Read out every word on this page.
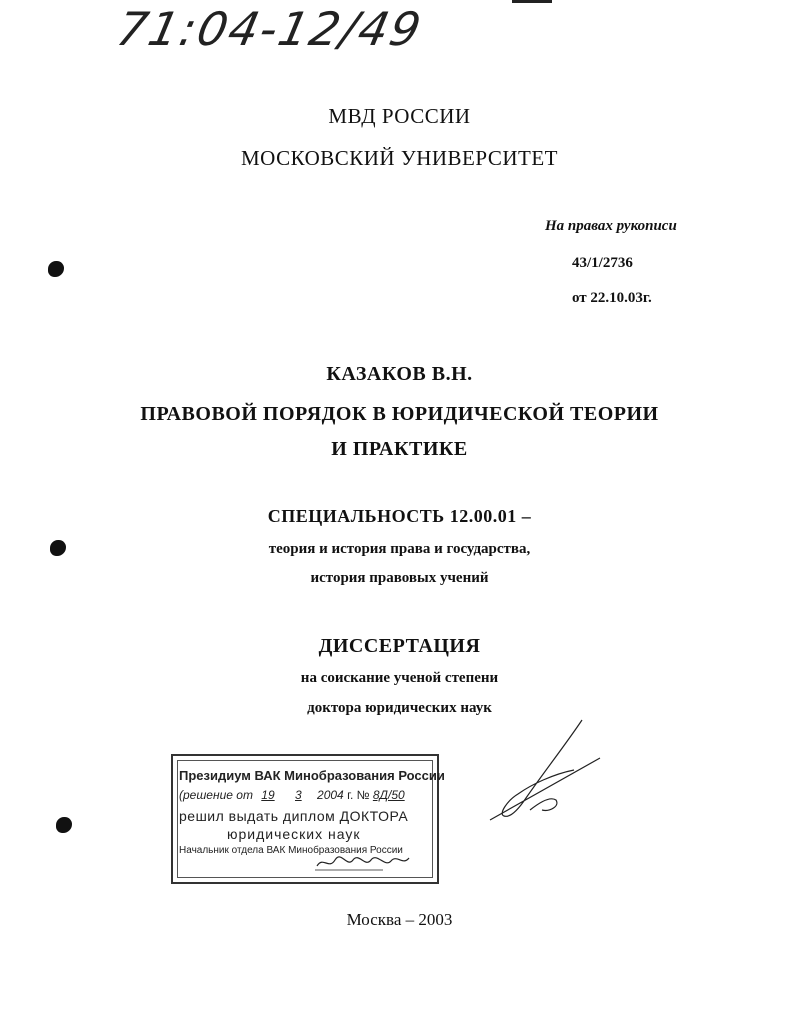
71:04-12/49
МВД РОССИИ
МОСКОВСКИЙ УНИВЕРСИТЕТ
На правах рукописи
43/1/2736
от 22.10.03г.
КАЗАКОВ В.Н.
ПРАВОВОЙ ПОРЯДОК В ЮРИДИЧЕСКОЙ ТЕОРИИ
И ПРАКТИКЕ
СПЕЦИАЛЬНОСТЬ 12.00.01 –
теория и история права и государства,
история правовых учений
ДИССЕРТАЦИЯ
на соискание ученой степени
доктора юридических наук
Президиум ВАК Минобразования России
(решение от 19 3 2004 г. № 8Д/50
решил выдать диплом ДОКТОРА
юридических наук
Начальник отдела ВАК Минобразования России
Москва – 2003
